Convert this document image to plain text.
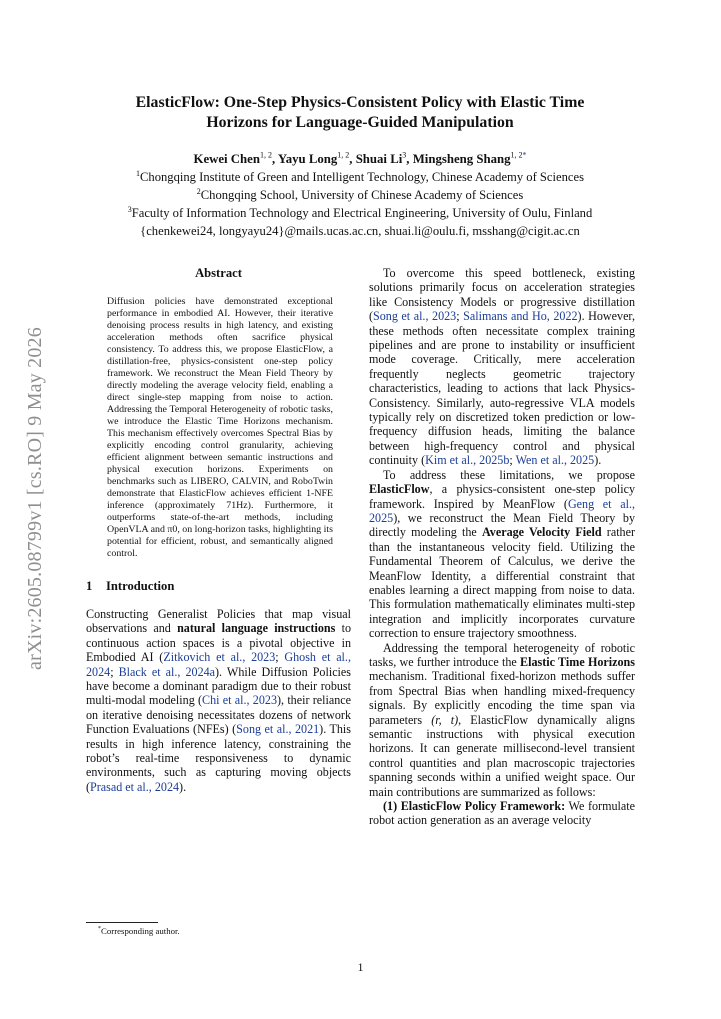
arXiv:2605.08799v1 [cs.RO] 9 May 2026
ElasticFlow: One-Step Physics-Consistent Policy with Elastic Time
Horizons for Language-Guided Manipulation
Kewei Chen$^{1, 2}$, Yayu Long$^{1, 2}$, Shuai Li$^3$, Mingsheng Shang$^{1, 2*}$
$^1$Chongqing Institute of Green and Intelligent Technology, Chinese Academy of Sciences
$^2$Chongqing School, University of Chinese Academy of Sciences
$^3$Faculty of Information Technology and Electrical Engineering, University of Oulu, Finland
{chenkewei24, longyayu24}@mails.ucas.ac.cn, shuai.li@oulu.fi, msshang@cigit.ac.cn
Abstract
Diffusion policies have demonstrated exceptional performance in embodied AI. However, their iterative denoising process results in high latency, and existing acceleration methods often sacrifice physical consistency. To address this, we propose ElasticFlow, a distillation-free, physics-consistent one-step policy framework. We reconstruct the Mean Field Theory by directly modeling the average velocity field, enabling a direct single-step mapping from noise to action. Addressing the Temporal Heterogeneity of robotic tasks, we introduce the Elastic Time Horizons mechanism. This mechanism effectively overcomes Spectral Bias by explicitly encoding control granularity, achieving efficient alignment between semantic instructions and physical execution horizons. Experiments on benchmarks such as LIBERO, CALVIN, and RoboTwin demonstrate that ElasticFlow achieves efficient 1-NFE inference (approximately 71Hz). Furthermore, it outperforms state-of-the-art methods, including OpenVLA and π0, on long-horizon tasks, highlighting its potential for efficient, robust, and semantically aligned control.
1 Introduction

Constructing Generalist Policies that map visual observations and natural language instructions to continuous action spaces is a pivotal objective in Embodied AI (Zitkovich et al., 2023; Ghosh et al., 2024; Black et al., 2024a). While Diffusion Policies have become a dominant paradigm due to their robust multi-modal modeling (Chi et al., 2023), their reliance on iterative denoising necessitates dozens of network Function Evaluations (NFEs) (Song et al., 2021). This results in high inference latency, constraining the robot’s real-time responsiveness to dynamic environments, such as capturing moving objects (Prasad et al., 2024).

To overcome this speed bottleneck, existing solutions primarily focus on acceleration strategies like Consistency Models or progressive distillation (Song et al., 2023; Salimans and Ho, 2022). However, these methods often necessitate complex training pipelines and are prone to instability or insufficient mode coverage. Critically, mere acceleration frequently neglects geometric trajectory characteristics, leading to actions that lack Physics-Consistency. Similarly, auto-regressive VLA models typically rely on discretized token prediction or low-frequency diffusion heads, limiting the balance between high-frequency control and physical continuity (Kim et al., 2025b; Wen et al., 2025).

To address these limitations, we propose ElasticFlow, a physics-consistent one-step policy framework. Inspired by MeanFlow (Geng et al., 2025), we reconstruct the Mean Field Theory by directly modeling the Average Velocity Field rather than the instantaneous velocity field. Utilizing the Fundamental Theorem of Calculus, we derive the MeanFlow Identity, a differential constraint that enables learning a direct mapping from noise to data. This formulation mathematically eliminates multi-step integration and implicitly incorporates curvature correction to ensure trajectory smoothness.

Addressing the temporal heterogeneity of robotic tasks, we further introduce the Elastic Time Horizons mechanism. Traditional fixed-horizon methods suffer from Spectral Bias when handling mixed-frequency signals. By explicitly encoding the time span via parameters (r, t), ElasticFlow dynamically aligns semantic instructions with physical execution horizons. It can generate millisecond-level transient control quantities and plan macroscopic trajectories spanning seconds within a unified weight space. Our main contributions are summarized as follows:

(1) ElasticFlow Policy Framework: We formulate robot action generation as an average velocity

*Corresponding author.
1
